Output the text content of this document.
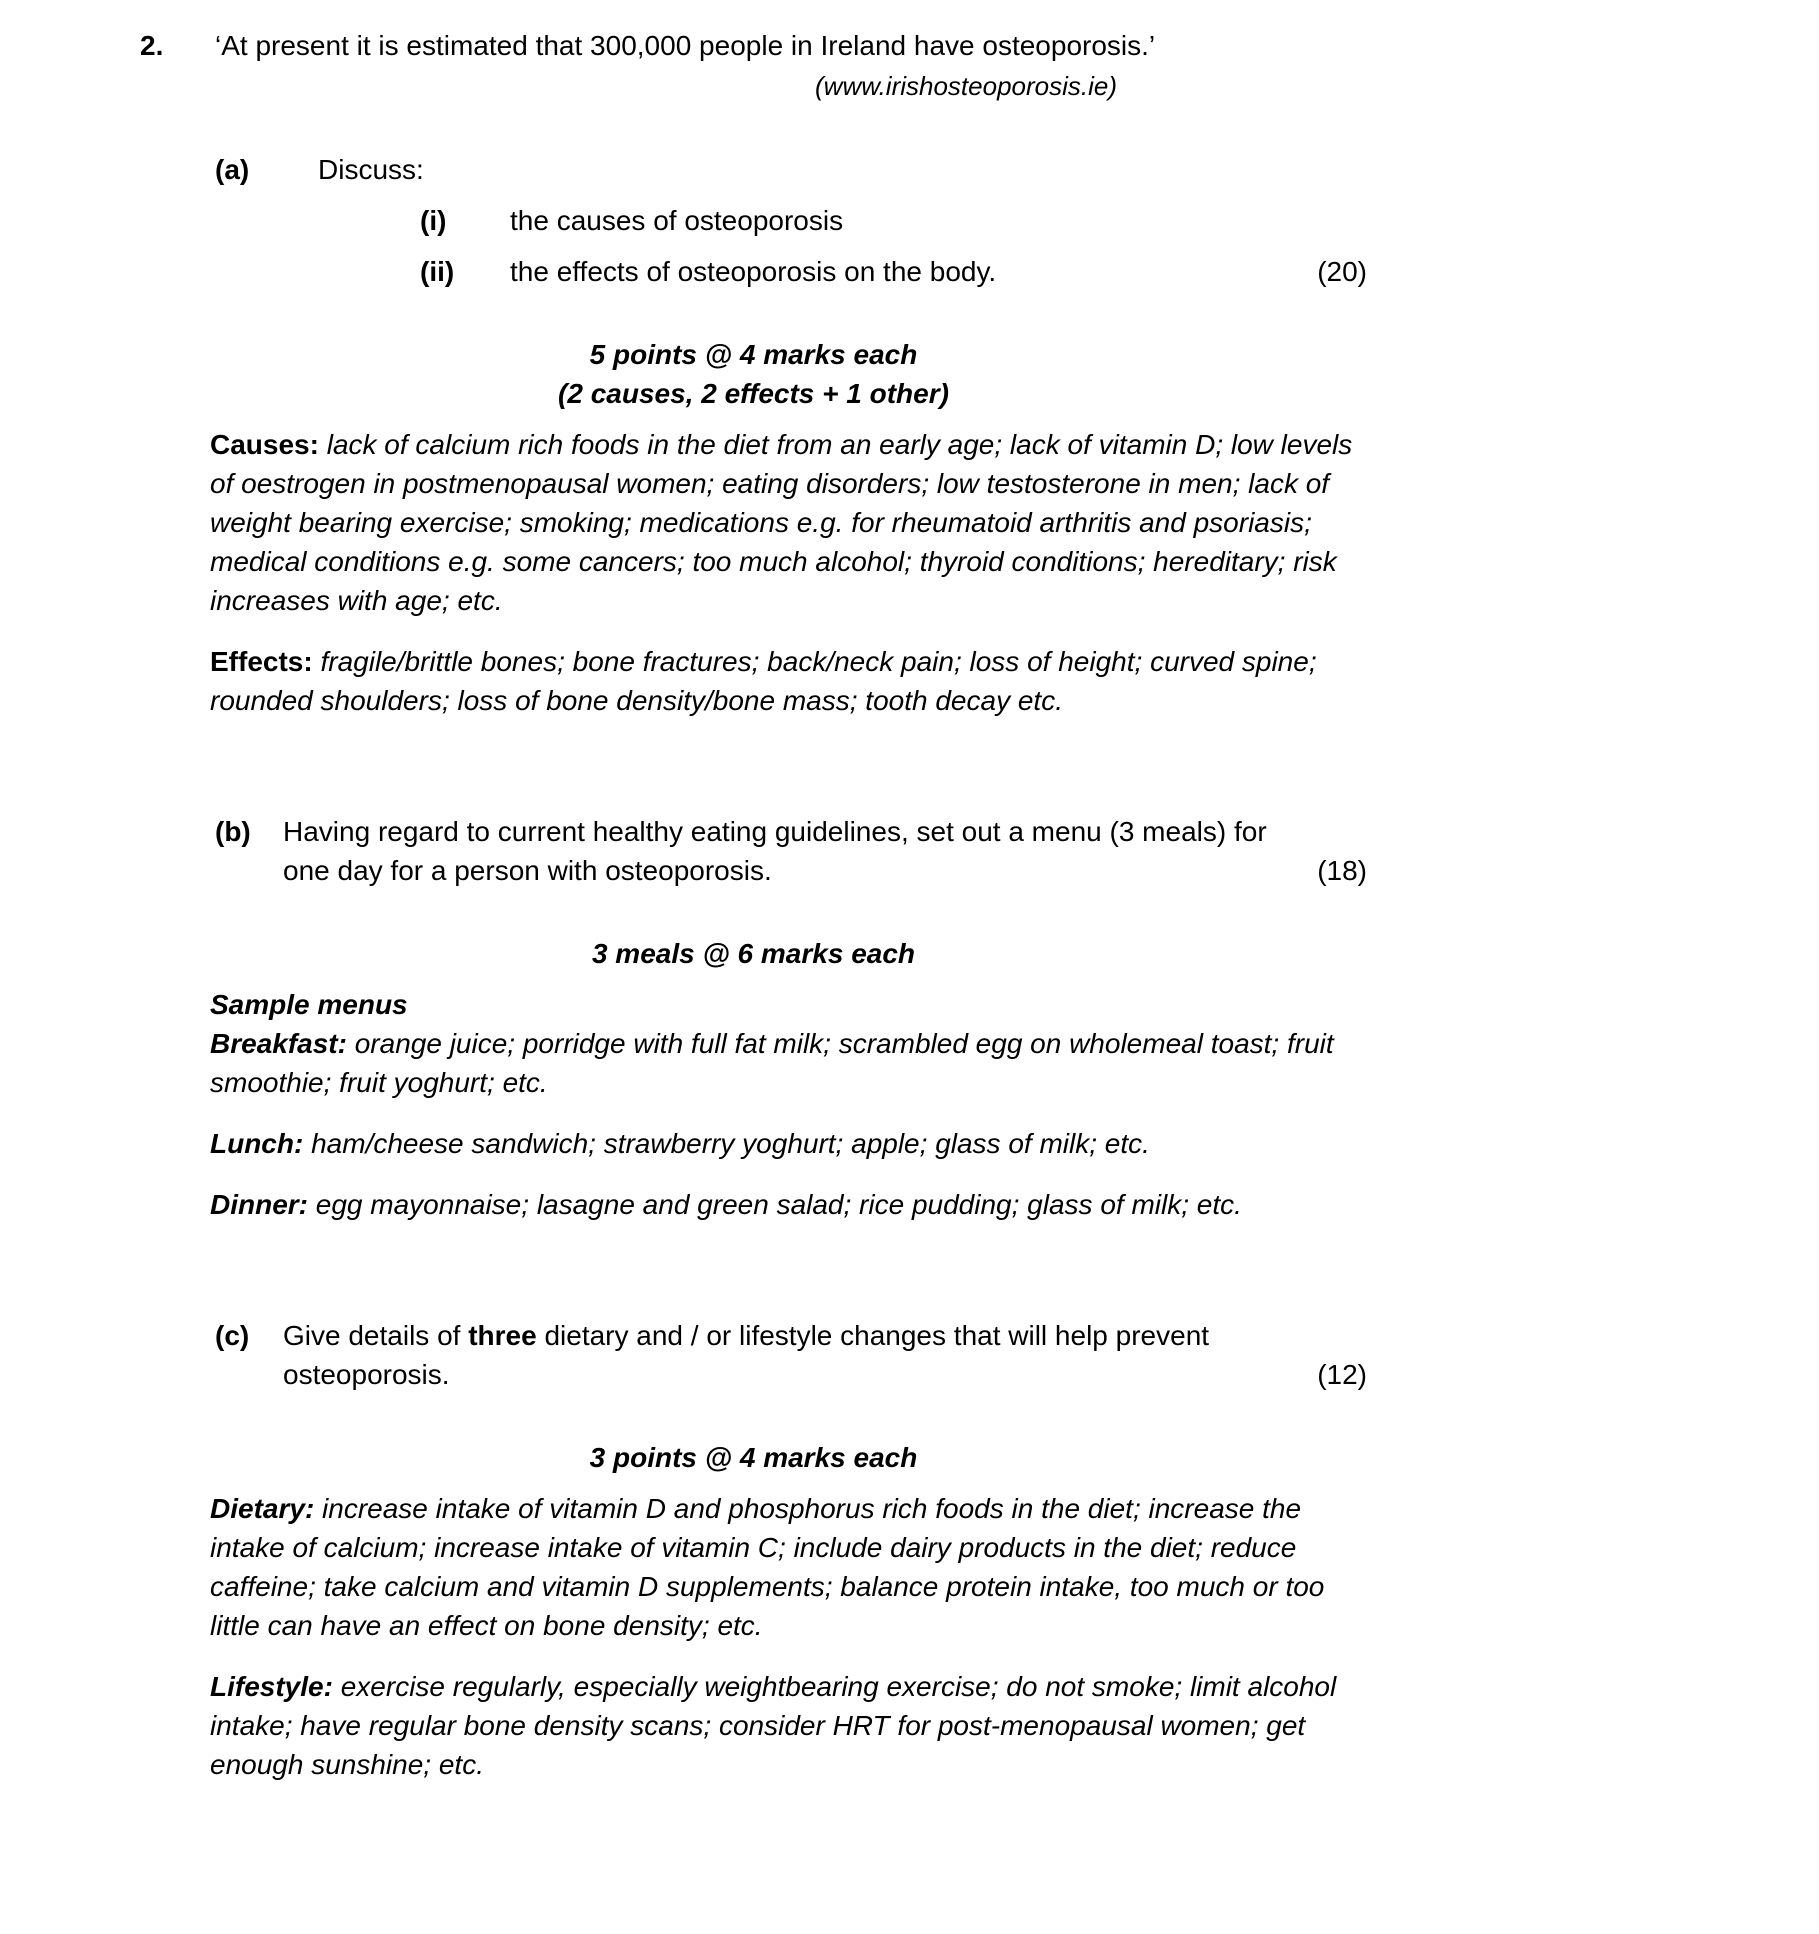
2.	‘At present it is estimated that 300,000 people in Ireland have osteoporosis.’
(www.irishosteoporosis.ie)
(a)	Discuss:
(i)	the causes of osteoporosis
(ii)	the effects of osteoporosis on the body.	(20)
5 points @ 4 marks each
(2 causes, 2 effects + 1 other)

Causes: lack of calcium rich foods in the diet from an early age; lack of vitamin D; low levels of oestrogen in postmenopausal women; eating disorders; low testosterone in men; lack of weight bearing exercise; smoking; medications e.g. for rheumatoid arthritis and psoriasis; medical conditions e.g. some cancers; too much alcohol; thyroid conditions; hereditary; risk increases with age; etc.

Effects: fragile/brittle bones; bone fractures; back/neck pain; loss of height; curved spine; rounded shoulders; loss of bone density/bone mass; tooth decay etc.

(b)	Having regard to current healthy eating guidelines, set out a menu (3 meals) for one day for a person with osteoporosis.	(18)
3 meals @ 6 marks each

Sample menus

Breakfast: orange juice; porridge with full fat milk; scrambled egg on wholemeal toast; fruit smoothie; fruit yoghurt; etc.

Lunch: ham/cheese sandwich; strawberry yoghurt; apple; glass of milk; etc.

Dinner: egg mayonnaise; lasagne and green salad; rice pudding; glass of milk; etc.

(c)	Give details of three dietary and / or lifestyle changes that will help prevent osteoporosis.	(12)
3 points @ 4 marks each

Dietary: increase intake of vitamin D and phosphorus rich foods in the diet; increase the intake of calcium; increase intake of vitamin C; include dairy products in the diet; reduce caffeine; take calcium and vitamin D supplements; balance protein intake, too much or too little can have an effect on bone density; etc.

Lifestyle: exercise regularly, especially weightbearing exercise; do not smoke; limit alcohol intake; have regular bone density scans; consider HRT for post-menopausal women; get enough sunshine; etc.
